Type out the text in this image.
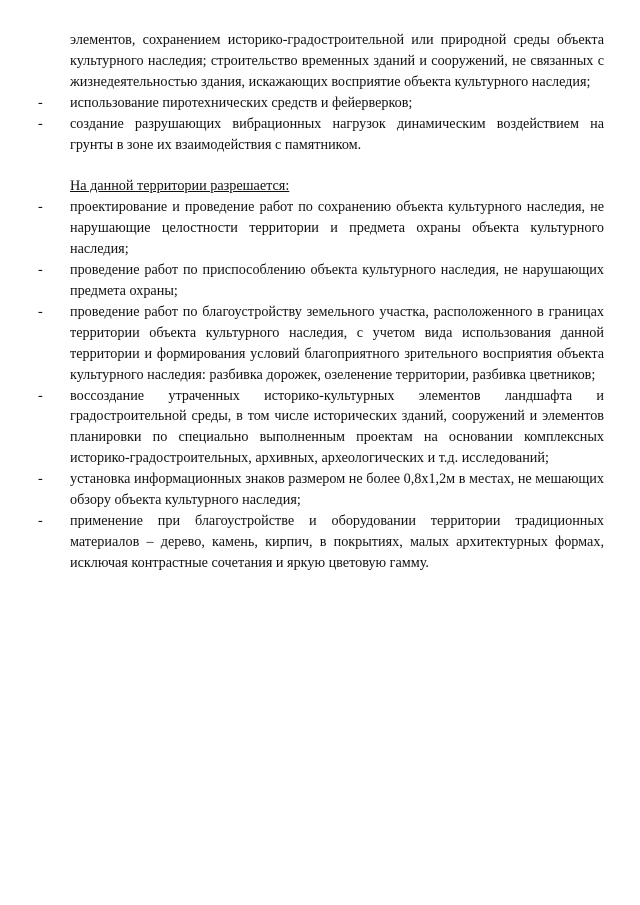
элементов, сохранением историко-градостроительной или природной среды объекта культурного наследия; строительство временных зданий и сооружений, не связанных с жизнедеятельностью здания, искажающих восприятие объекта культурного наследия;

- использование пиротехнических средств и фейерверков;
- создание разрушающих вибрационных нагрузок динамическим воздействием на грунты в зоне их взаимодействия с памятником.
На данной территории разрешается:
- проектирование и проведение работ по сохранению объекта культурного наследия, не нарушающие целостности территории и предмета охраны объекта культурного наследия;
- проведение работ по приспособлению объекта культурного наследия, не нарушающих предмета охраны;
- проведение работ по благоустройству земельного участка, расположенного в границах территории объекта культурного наследия, с учетом вида использования данной территории и формирования условий благоприятного зрительного восприятия объекта культурного наследия: разбивка дорожек, озеленение территории, разбивка цветников;
- воссоздание утраченных историко-культурных элементов ландшафта и градостроительной среды, в том числе исторических зданий, сооружений и элементов планировки по специально выполненным проектам на основании комплексных историко-градостроительных, архивных, археологических и т.д. исследований;
- установка информационных знаков размером не более 0,8х1,2м в местах, не мешающих обзору объекта культурного наследия;
- применение при благоустройстве и оборудовании территории традиционных материалов – дерево, камень, кирпич, в покрытиях, малых архитектурных формах, исключая контрастные сочетания и яркую цветовую гамму.
